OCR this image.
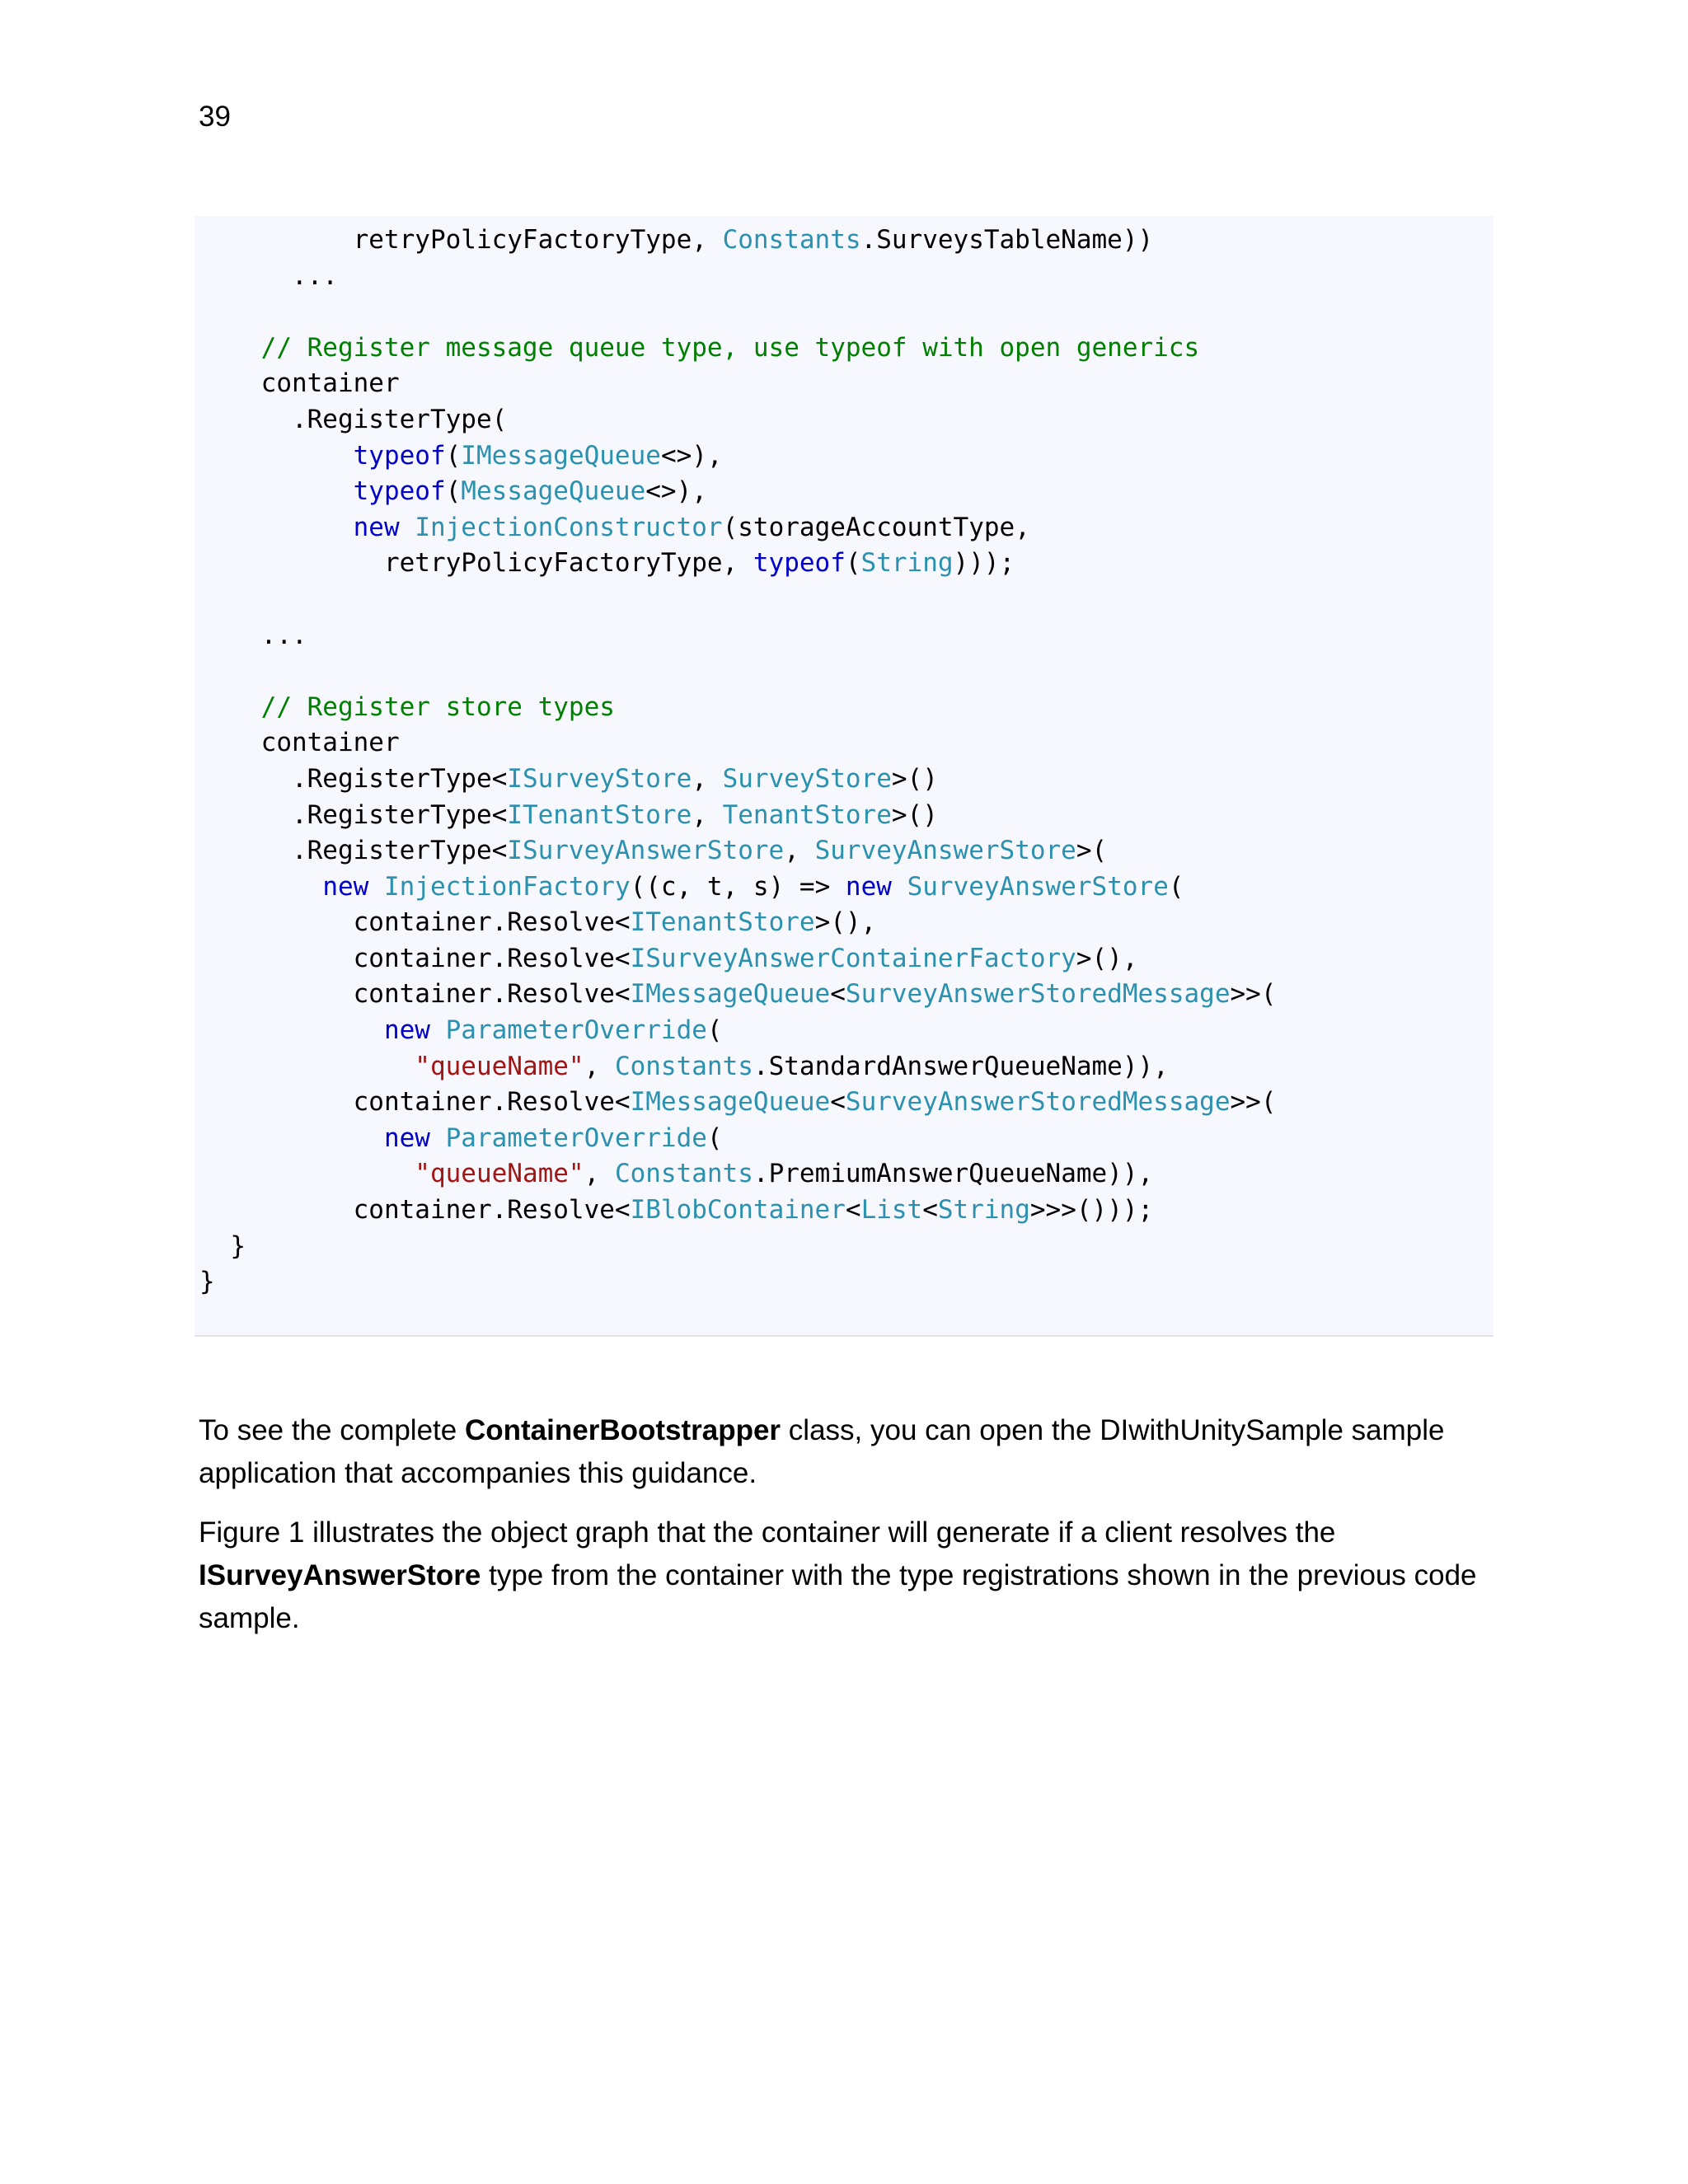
39
retryPolicyFactoryType, Constants.SurveysTableName))
...
// Register message queue type, use typeof with open generics
container
.RegisterType(
typeof(IMessageQueue<>),
typeof(MessageQueue<>),
new InjectionConstructor(storageAccountType,
retryPolicyFactoryType, typeof(String)));
...
// Register store types
container
.RegisterType<ISurveyStore, SurveyStore>()
.RegisterType<ITenantStore, TenantStore>()
.RegisterType<ISurveyAnswerStore, SurveyAnswerStore>(
new InjectionFactory((c, t, s) => new SurveyAnswerStore(
container.Resolve<ITenantStore>(),
container.Resolve<ISurveyAnswerContainerFactory>(),
container.Resolve<IMessageQueue<SurveyAnswerStoredMessage>>(
new ParameterOverride(
"queueName", Constants.StandardAnswerQueueName)),
container.Resolve<IMessageQueue<SurveyAnswerStoredMessage>>(
new ParameterOverride(
"queueName", Constants.PremiumAnswerQueueName)),
container.Resolve<IBlobContainer<List<String>>>()));
}
}

To see the complete ContainerBootstrapper class, you can open the DIwithUnitySample sample application that accompanies this guidance.

Figure 1 illustrates the object graph that the container will generate if a client resolves the ISurveyAnswerStore type from the container with the type registrations shown in the previous code sample.
